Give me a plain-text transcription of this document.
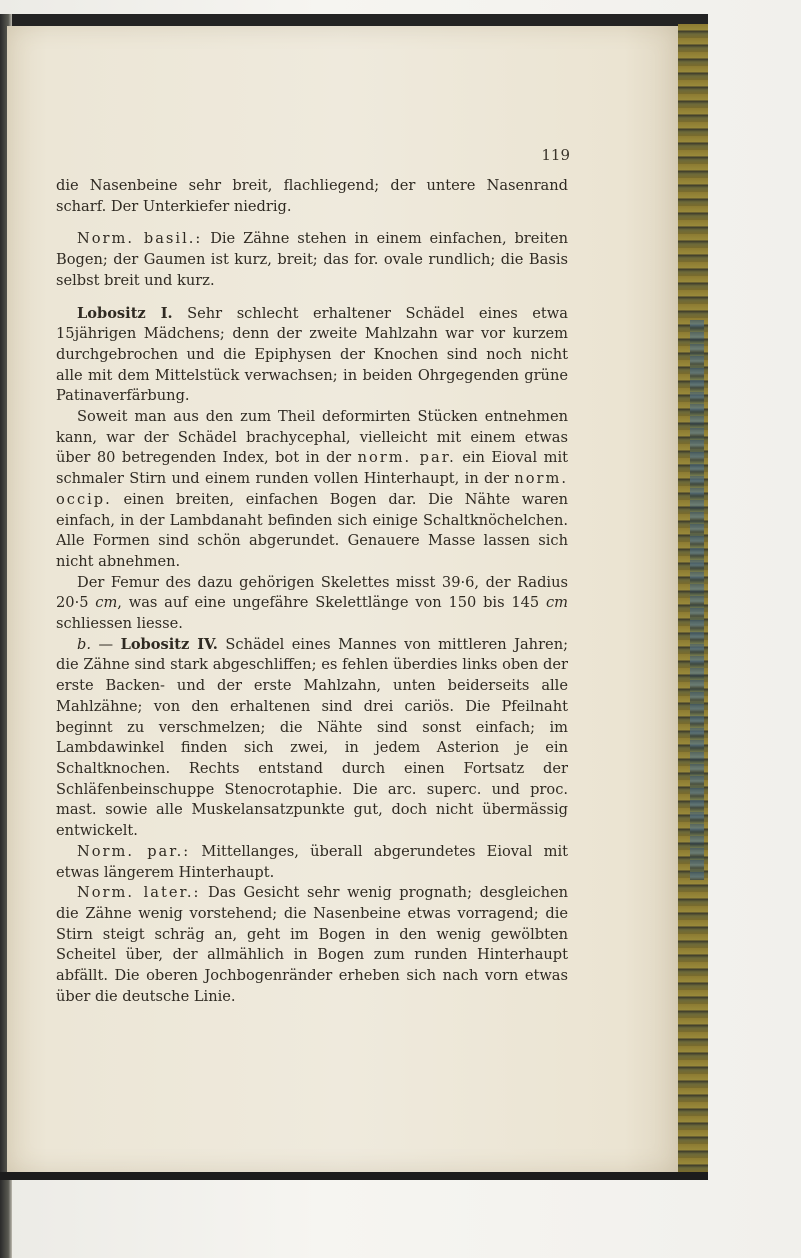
119

die Nasenbeine sehr breit, flachliegend; der untere Nasenrand scharf. Der Unterkiefer niedrig.

Norm. basil.: Die Zähne stehen in einem einfachen, breiten Bogen; der Gaumen ist kurz, breit; das for. ovale rundlich; die Basis selbst breit und kurz.

Lobositz I. Sehr schlecht erhaltener Schädel eines etwa 15jährigen Mädchens; denn der zweite Mahlzahn war vor kurzem durchgebrochen und die Epiphysen der Knochen sind noch nicht alle mit dem Mittelstück verwachsen; in beiden Ohrgegenden grüne Patinaverfärbung.

Soweit man aus den zum Theil deformirten Stücken entnehmen kann, war der Schädel brachycephal, vielleicht mit einem etwas über 80 betregenden Index, bot in der norm. par. ein Eioval mit schmaler Stirn und einem runden vollen Hinterhaupt, in der norm. occip. einen breiten, einfachen Bogen dar. Die Nähte waren einfach, in der Lambdanaht befinden sich einige Schaltknöchelchen. Alle Formen sind schön abgerundet. Genauere Masse lassen sich nicht abnehmen.

Der Femur des dazu gehörigen Skelettes misst 39·6, der Radius 20·5 cm, was auf eine ungefähre Skelettlänge von 150 bis 145 cm schliessen liesse.

b. — Lobositz IV. Schädel eines Mannes von mittleren Jahren; die Zähne sind stark abgeschliffen; es fehlen überdies links oben der erste Backen- und der erste Mahlzahn, unten beiderseits alle Mahlzähne; von den erhaltenen sind drei cariös. Die Pfeilnaht beginnt zu verschmelzen; die Nähte sind sonst einfach; im Lambdawinkel finden sich zwei, in jedem Asterion je ein Schaltknochen. Rechts entstand durch einen Fortsatz der Schläfenbeinschuppe Stenocrotaphie. Die arc. superc. und proc. mast. sowie alle Muskelansatzpunkte gut, doch nicht übermässig entwickelt.

Norm. par.: Mittellanges, überall abgerundetes Eioval mit etwas längerem Hinterhaupt.

Norm. later.: Das Gesicht sehr wenig prognath; desgleichen die Zähne wenig vorstehend; die Nasenbeine etwas vorragend; die Stirn steigt schräg an, geht im Bogen in den wenig gewölbten Scheitel über, der allmählich in Bogen zum runden Hinterhaupt abfällt. Die oberen Jochbogenränder erheben sich nach vorn etwas über die deutsche Linie.
